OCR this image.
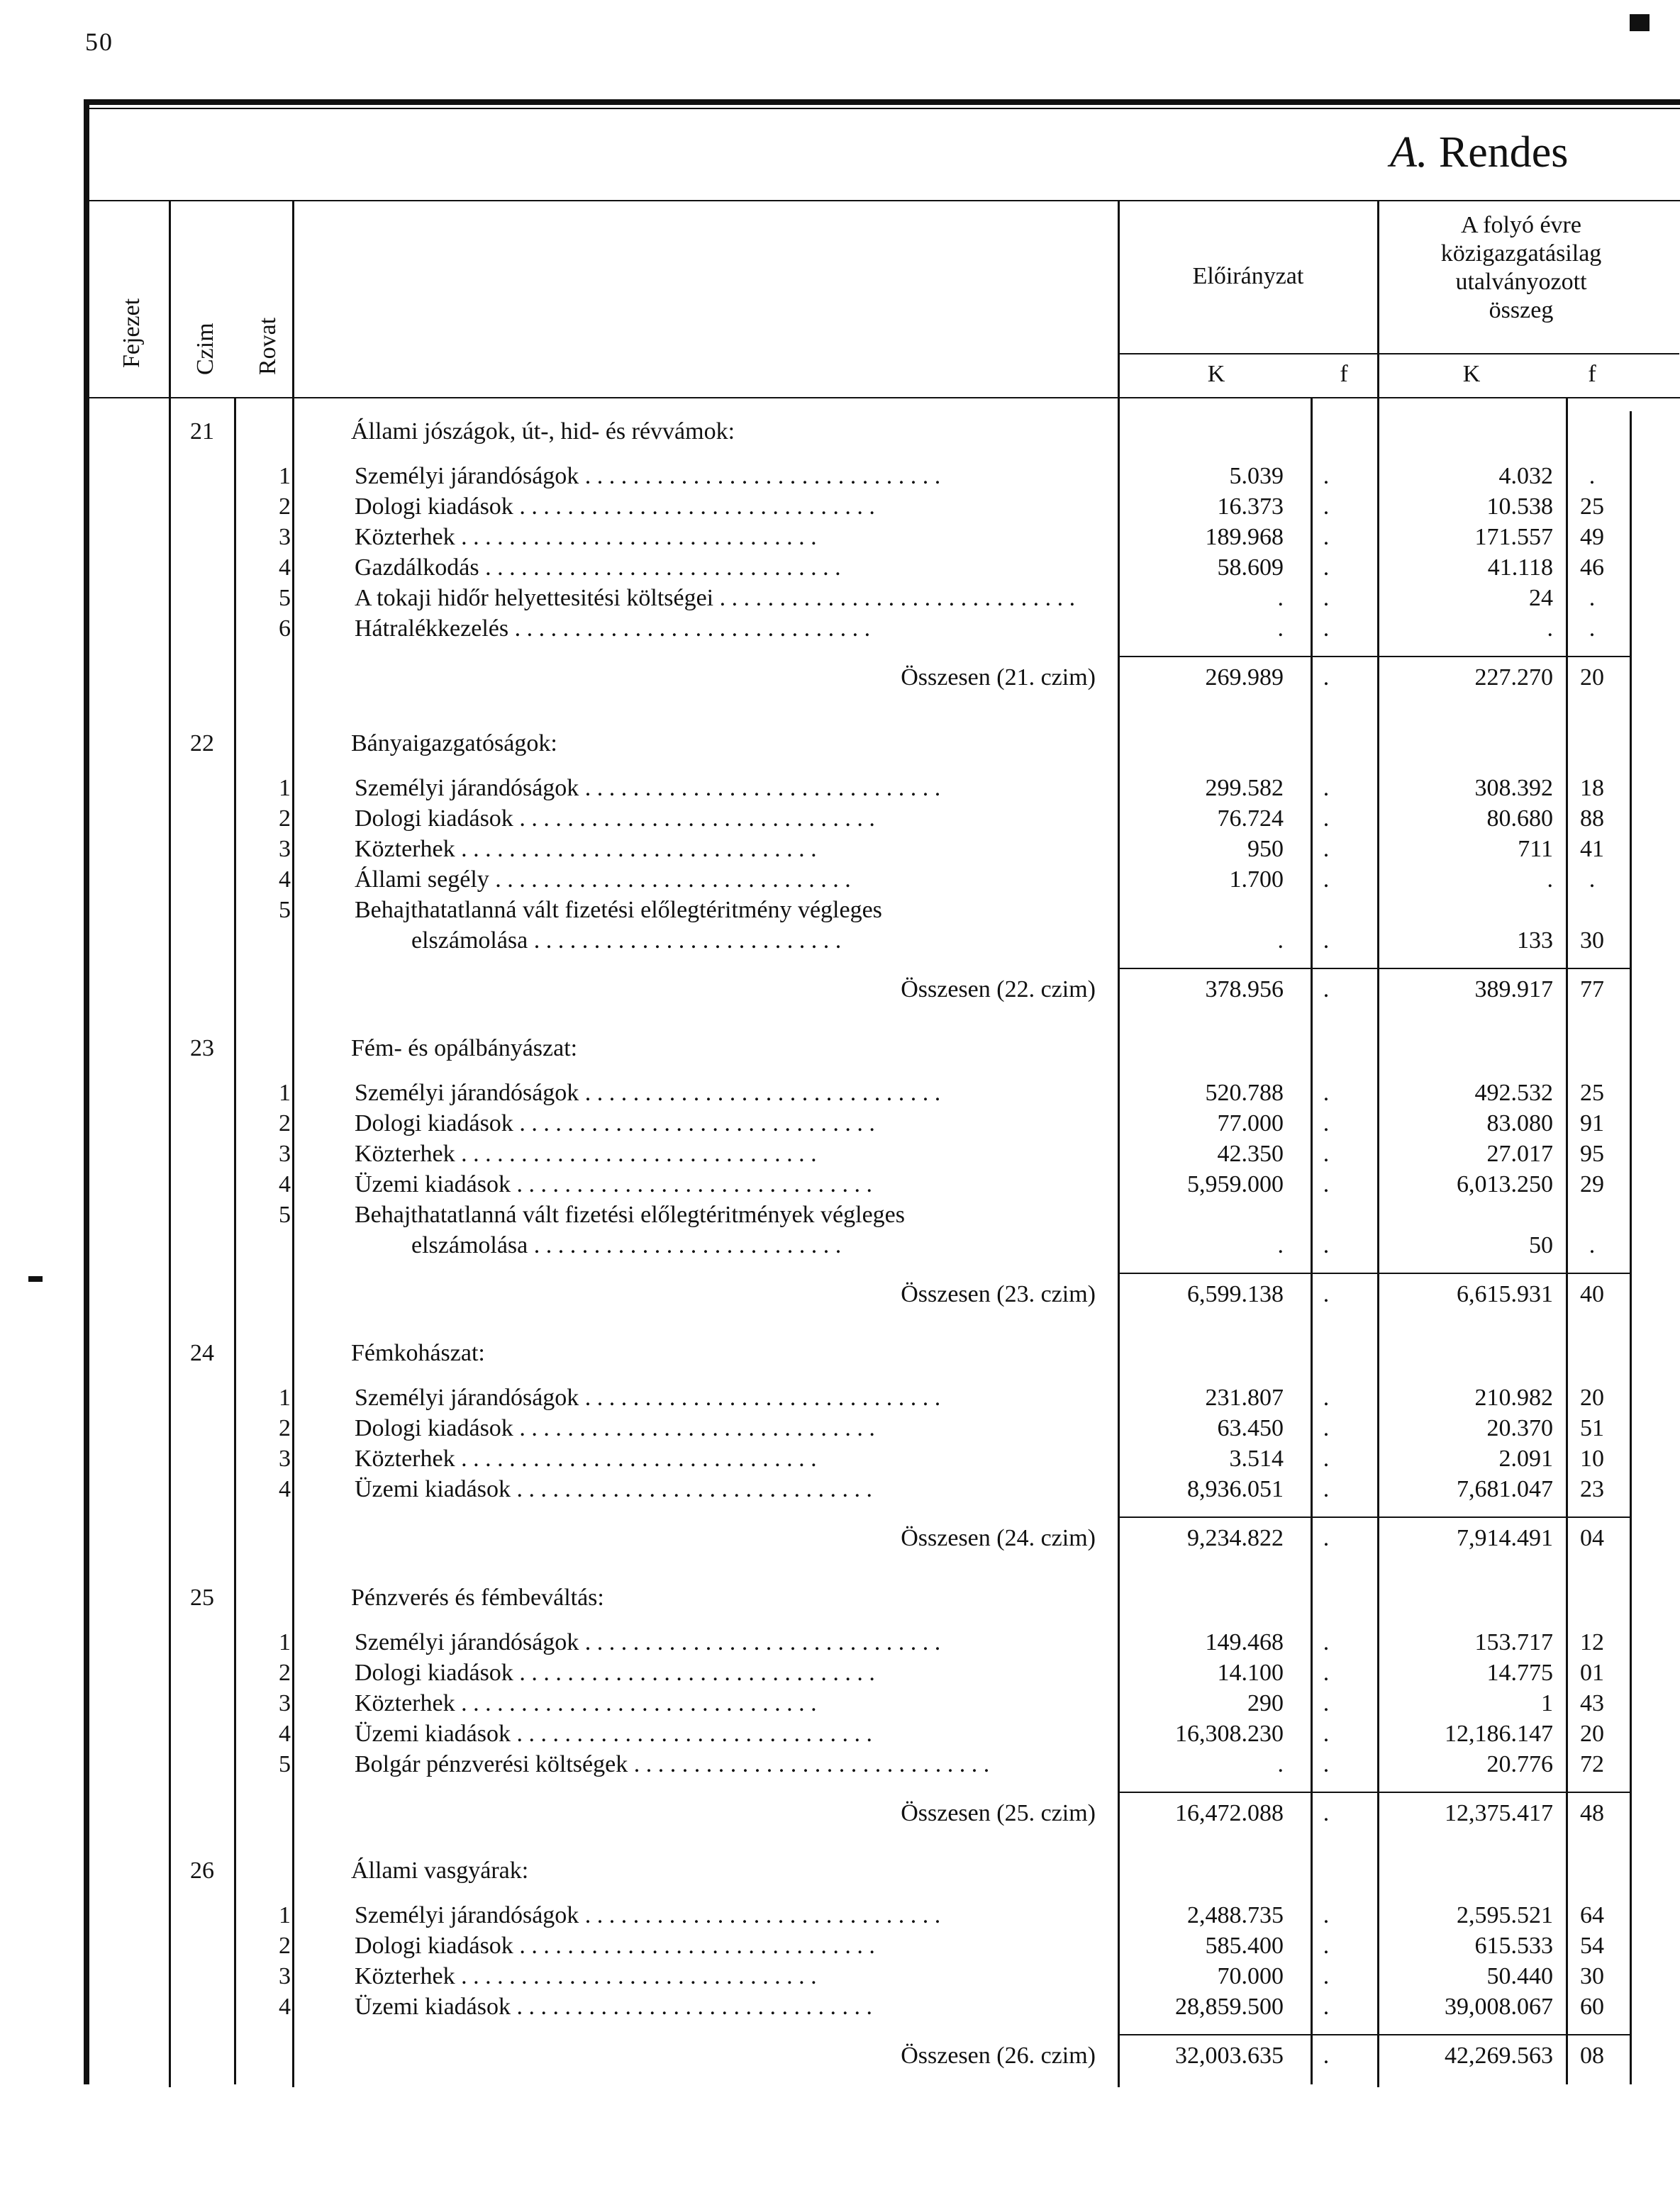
50
A. Rendes
Fejezet Czim Rovat
Előirányzat
A folyó évre
közigazgatásilag
utalványozott
összeg
K	f	K	f
21	Állami jószágok, út-, hid- és révvámok:
1	Személyi járandóságok . . . . . . . . . . . . . . . . . . . . . . . . . . . . . .	5.039	.	4.032	.
2	Dologi kiadások . . . . . . . . . . . . . . . . . . . . . . . . . . . . . .	16.373	.	10.538	25
3	Közterhek . . . . . . . . . . . . . . . . . . . . . . . . . . . . . .	189.968	.	171.557	49
4	Gazdálkodás . . . . . . . . . . . . . . . . . . . . . . . . . . . . . .	58.609	.	41.118	46
5	A tokaji hidőr helyettesitési költségei . . . . . . . . . . . . . . . . . . . . . . . . . . . . . .	.	.	24	.
6	Hátralékkezelés . . . . . . . . . . . . . . . . . . . . . . . . . . . . . .	.	.	.	.
Összesen (21. czim)	269.989	.	227.270	20
22	Bányaigazgatóságok:
1	Személyi járandóságok . . . . . . . . . . . . . . . . . . . . . . . . . . . . . .	299.582	.	308.392	18
2	Dologi kiadások . . . . . . . . . . . . . . . . . . . . . . . . . . . . . .	76.724	.	80.680	88
3	Közterhek . . . . . . . . . . . . . . . . . . . . . . . . . . . . . .	950	.	711	41
4	Állami segély . . . . . . . . . . . . . . . . . . . . . . . . . . . . . .	1.700	.	.	.
5	Behajthatatlanná vált fizetési előlegtéritmény végleges
elszámolása . . . . . . . . . . . . . . . . . . . . . . . . . .	.	.	133	30
Összesen (22. czim)	378.956	.	389.917	77
23	Fém- és opálbányászat:
1	Személyi járandóságok . . . . . . . . . . . . . . . . . . . . . . . . . . . . . .	520.788	.	492.532	25
2	Dologi kiadások . . . . . . . . . . . . . . . . . . . . . . . . . . . . . .	77.000	.	83.080	91
3	Közterhek . . . . . . . . . . . . . . . . . . . . . . . . . . . . . .	42.350	.	27.017	95
4	Üzemi kiadások . . . . . . . . . . . . . . . . . . . . . . . . . . . . . .	5,959.000	.	6,013.250	29
5	Behajthatatlanná vált fizetési előlegtéritmények végleges
elszámolása . . . . . . . . . . . . . . . . . . . . . . . . . .	.	.	50	.
Összesen (23. czim)	6,599.138	.	6,615.931	40
24	Fémkohászat:
1	Személyi járandóságok . . . . . . . . . . . . . . . . . . . . . . . . . . . . . .	231.807	.	210.982	20
2	Dologi kiadások . . . . . . . . . . . . . . . . . . . . . . . . . . . . . .	63.450	.	20.370	51
3	Közterhek . . . . . . . . . . . . . . . . . . . . . . . . . . . . . .	3.514	.	2.091	10
4	Üzemi kiadások . . . . . . . . . . . . . . . . . . . . . . . . . . . . . .	8,936.051	.	7,681.047	23
Összesen (24. czim)	9,234.822	.	7,914.491	04
25	Pénzverés és fémbeváltás:
1	Személyi járandóságok . . . . . . . . . . . . . . . . . . . . . . . . . . . . . .	149.468	.	153.717	12
2	Dologi kiadások . . . . . . . . . . . . . . . . . . . . . . . . . . . . . .	14.100	.	14.775	01
3	Közterhek . . . . . . . . . . . . . . . . . . . . . . . . . . . . . .	290	.	1	43
4	Üzemi kiadások . . . . . . . . . . . . . . . . . . . . . . . . . . . . . .	16,308.230	.	12,186.147	20
5	Bolgár pénzverési költségek . . . . . . . . . . . . . . . . . . . . . . . . . . . . . .	.	.	20.776	72
Összesen (25. czim)	16,472.088	.	12,375.417	48
26	Állami vasgyárak:
1	Személyi járandóságok . . . . . . . . . . . . . . . . . . . . . . . . . . . . . .	2,488.735	.	2,595.521	64
2	Dologi kiadások . . . . . . . . . . . . . . . . . . . . . . . . . . . . . .	585.400	.	615.533	54
3	Közterhek . . . . . . . . . . . . . . . . . . . . . . . . . . . . . .	70.000	.	50.440	30
4	Üzemi kiadások . . . . . . . . . . . . . . . . . . . . . . . . . . . . . .	28,859.500	.	39,008.067	60
Összesen (26. czim)	32,003.635	.	42,269.563	08
